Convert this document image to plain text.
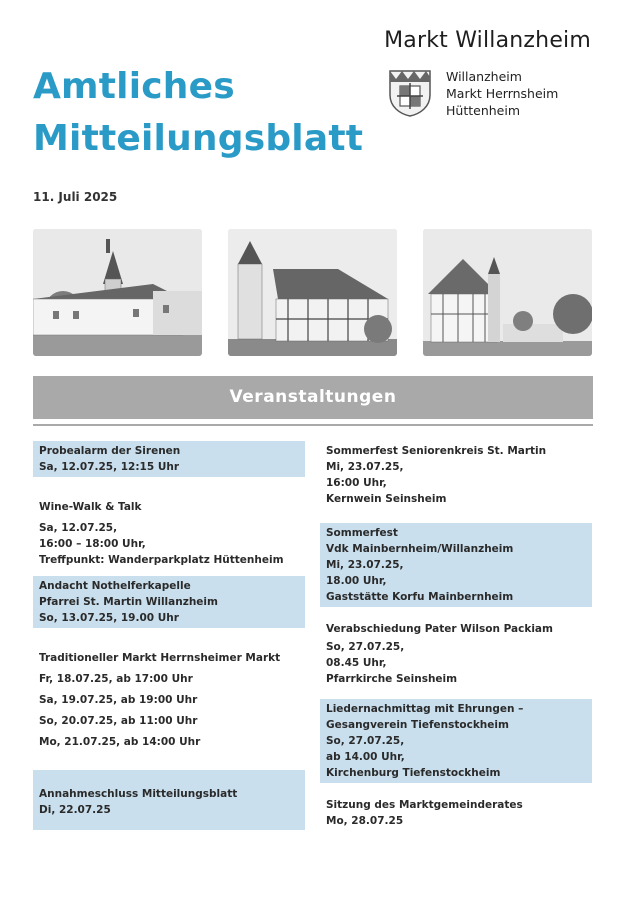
Amtliches
Mitteilungsblatt
Markt Willanzheim
Willanzheim
Markt Herrnsheim
Hüttenheim
11. Juli 2025
Veranstaltungen
Probealarm der Sirenen
Sa, 12.07.25, 12:15 Uhr
Wine-Walk & Talk
Sa, 12.07.25,
16:00 – 18:00 Uhr,
Treffpunkt: Wanderparkplatz Hüttenheim
Andacht Nothelferkapelle
Pfarrei St. Martin Willanzheim
So, 13.07.25, 19.00 Uhr
Traditioneller Markt Herrnsheimer Markt
Fr, 18.07.25, ab 17:00 Uhr
Sa, 19.07.25, ab 19:00 Uhr
So, 20.07.25, ab 11:00 Uhr
Mo, 21.07.25, ab 14:00 Uhr
Annahmeschluss Mitteilungsblatt
Di, 22.07.25
Sommerfest Seniorenkreis St. Martin
Mi, 23.07.25,
16:00 Uhr,
Kernwein Seinsheim
Sommerfest
Vdk Mainbernheim/Willanzheim
Mi, 23.07.25,
18.00 Uhr,
Gaststätte Korfu Mainbernheim
Verabschiedung Pater Wilson Packiam
So, 27.07.25,
08.45 Uhr,
Pfarrkirche Seinsheim
Liedernachmittag mit Ehrungen –
Gesangverein Tiefenstockheim
So, 27.07.25,
ab 14.00 Uhr,
Kirchenburg Tiefenstockheim
Sitzung des Marktgemeinderates
Mo, 28.07.25
